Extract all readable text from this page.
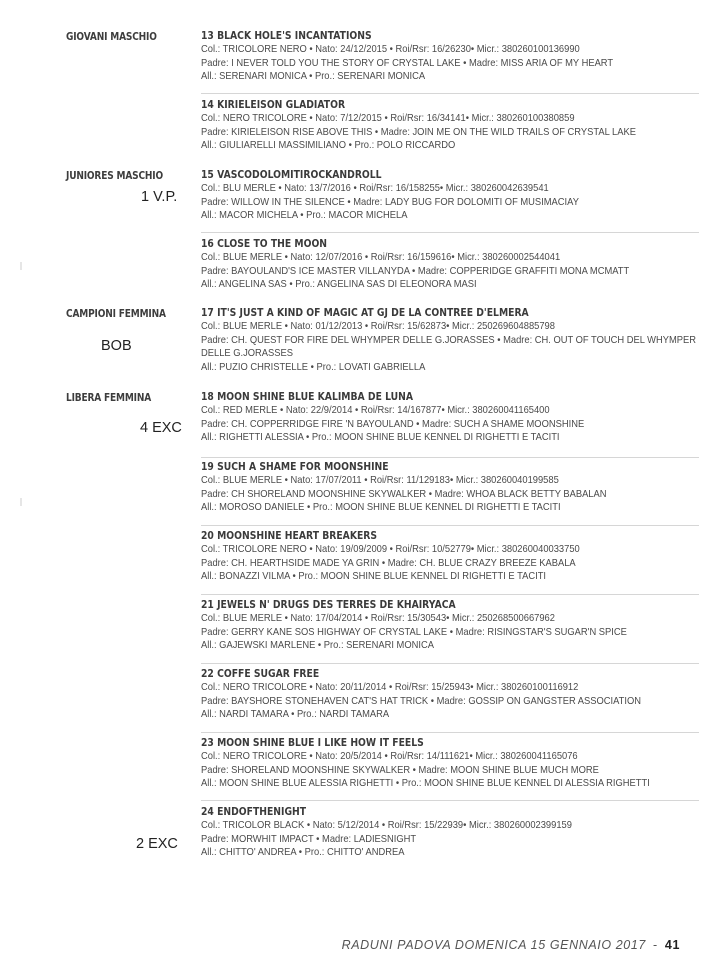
GIOVANI MASCHIO
JUNIORES MASCHIO
CAMPIONI FEMMINA
LIBERA FEMMINA
1 V.P.
BOB
4 EXC
2 EXC
13 BLACK HOLE'S INCANTATIONS
Col.: TRICOLORE NERO • Nato: 24/12/2015 • Roi/Rsr: 16/26230• Micr.: 380260100136990
Padre: I NEVER TOLD YOU THE STORY OF CRYSTAL LAKE • Madre: MISS ARIA OF MY HEART
All.: SERENARI MONICA • Pro.: SERENARI MONICA
14 KIRIELEISON GLADIATOR
Col.: NERO TRICOLORE • Nato: 7/12/2015 • Roi/Rsr: 16/34141• Micr.: 380260100380859
Padre: KIRIELEISON RISE ABOVE THIS • Madre: JOIN ME ON THE WILD TRAILS OF CRYSTAL LAKE
All.: GIULIARELLI MASSIMILIANO • Pro.: POLO RICCARDO
15 VASCODOLOMITIROCKANDROLL
Col.: BLU MERLE • Nato: 13/7/2016 • Roi/Rsr: 16/158255• Micr.: 380260042639541
Padre: WILLOW IN THE SILENCE • Madre: LADY BUG FOR DOLOMITI OF MUSIMACIAY
All.: MACOR MICHELA • Pro.: MACOR MICHELA
16 CLOSE TO THE MOON
Col.: BLUE MERLE • Nato: 12/07/2016 • Roi/Rsr: 16/159616• Micr.: 380260002544041
Padre: BAYOULAND'S ICE MASTER VILLANYDA • Madre: COPPERIDGE GRAFFITI MONA MCMATT
All.: ANGELINA SAS • Pro.: ANGELINA SAS DI ELEONORA MASI
17 IT'S JUST A KIND OF MAGIC AT GJ DE LA CONTREE D'ELMERA
Col.: BLUE MERLE • Nato: 01/12/2013 • Roi/Rsr: 15/62873• Micr.: 250269604885798
Padre: CH. QUEST FOR FIRE DEL WHYMPER DELLE G.JORASSES • Madre: CH. OUT OF TOUCH DEL WHYMPER
DELLE G.JORASSES
All.: PUZIO CHRISTELLE • Pro.: LOVATI GABRIELLA
18 MOON SHINE BLUE KALIMBA DE LUNA
Col.: RED MERLE • Nato: 22/9/2014 • Roi/Rsr: 14/167877• Micr.: 380260041165400
Padre: CH. COPPERRIDGE FIRE 'N BAYOULAND • Madre: SUCH A SHAME MOONSHINE
All.: RIGHETTI ALESSIA • Pro.: MOON SHINE BLUE KENNEL DI RIGHETTI E TACITI
19 SUCH A SHAME FOR MOONSHINE
Col.: BLUE MERLE • Nato: 17/07/2011 • Roi/Rsr: 11/129183• Micr.: 380260040199585
Padre: CH SHORELAND MOONSHINE SKYWALKER • Madre: WHOA BLACK BETTY BABALAN
All.: MOROSO DANIELE • Pro.: MOON SHINE BLUE KENNEL DI RIGHETTI E TACITI
20 MOONSHINE HEART BREAKERS
Col.: TRICOLORE NERO • Nato: 19/09/2009 • Roi/Rsr: 10/52779• Micr.: 380260040033750
Padre: CH. HEARTHSIDE MADE YA GRIN • Madre: CH. BLUE CRAZY BREEZE KABALA
All.: BONAZZI VILMA • Pro.: MOON SHINE BLUE KENNEL DI RIGHETTI E TACITI
21 JEWELS N' DRUGS DES TERRES DE KHAIRYACA
Col.: BLUE MERLE • Nato: 17/04/2014 • Roi/Rsr: 15/30543• Micr.: 250268500667962
Padre: GERRY KANE SOS HIGHWAY OF CRYSTAL LAKE • Madre: RISINGSTAR'S SUGAR'N SPICE
All.: GAJEWSKI MARLENE • Pro.: SERENARI MONICA
22 COFFE SUGAR FREE
Col.: NERO TRICOLORE • Nato: 20/11/2014 • Roi/Rsr: 15/25943• Micr.: 380260100116912
Padre: BAYSHORE STONEHAVEN CAT'S HAT TRICK • Madre: GOSSIP ON GANGSTER ASSOCIATION
All.: NARDI TAMARA • Pro.: NARDI TAMARA
23 MOON SHINE BLUE I LIKE HOW IT FEELS
Col.: NERO TRICOLORE • Nato: 20/5/2014 • Roi/Rsr: 14/111621• Micr.: 380260041165076
Padre: SHORELAND MOONSHINE SKYWALKER • Madre: MOON SHINE BLUE MUCH MORE
All.: MOON SHINE BLUE ALESSIA RIGHETTI • Pro.: MOON SHINE BLUE KENNEL DI ALESSIA RIGHETTI
24 ENDOFTHENIGHT
Col.: TRICOLOR BLACK • Nato: 5/12/2014 • Roi/Rsr: 15/22939• Micr.: 380260002399159
Padre: MORWHIT IMPACT • Madre: LADIESNIGHT
All.: CHITTO' ANDREA • Pro.: CHITTO' ANDREA
RADUNI PADOVA DOMENICA 15 GENNAIO 2017 - 41
